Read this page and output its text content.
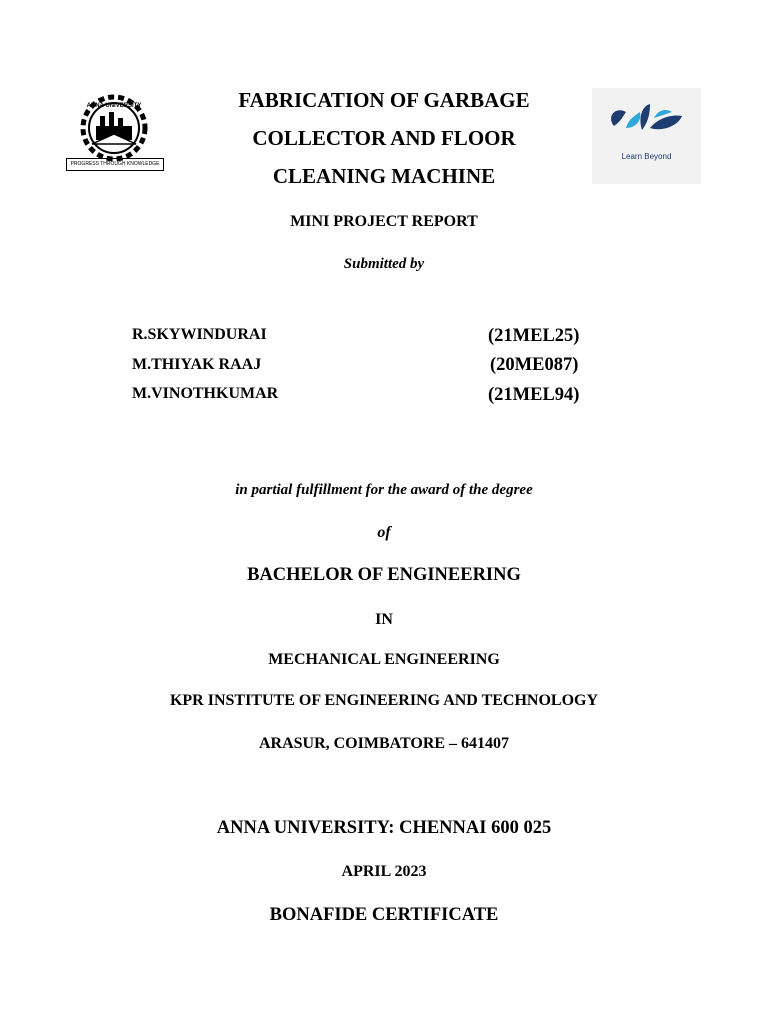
ANNA UNIVERSITY
PROGRESS THROUGH KNOWLEDGE
Learn Beyond
FABRICATION OF GARBAGE
COLLECTOR AND FLOOR
CLEANING MACHINE
MINI PROJECT REPORT
Submitted by
R.SKYWINDURAI	(21MEL25)
M.THIYAK RAAJ	(20ME087)
M.VINOTHKUMAR	(21MEL94)
in partial fulfillment for the award of the degree
of
BACHELOR OF ENGINEERING
IN
MECHANICAL ENGINEERING
KPR INSTITUTE OF ENGINEERING AND TECHNOLOGY
ARASUR, COIMBATORE – 641407
ANNA UNIVERSITY: CHENNAI 600 025
APRIL 2023
BONAFIDE CERTIFICATE
